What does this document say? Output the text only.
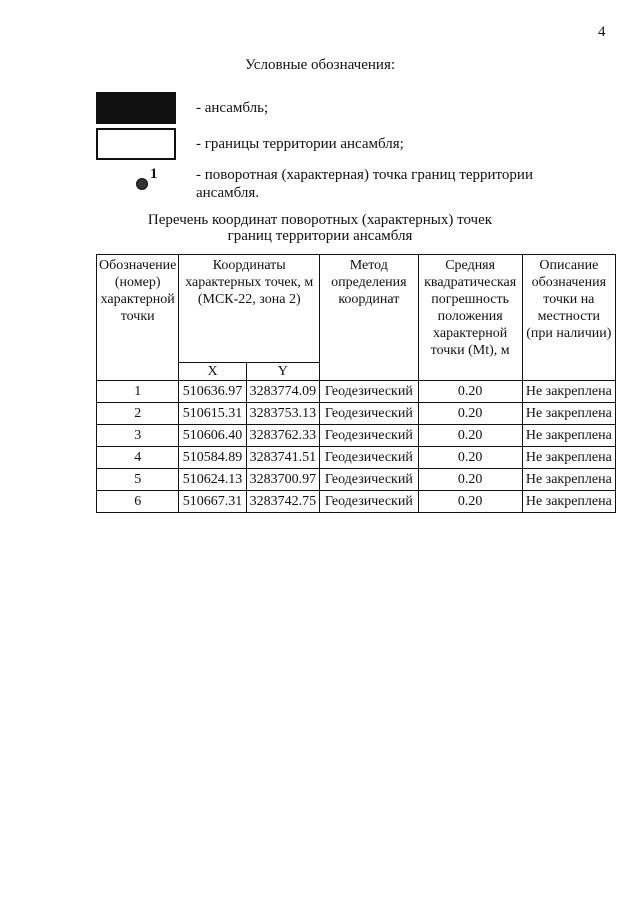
4
Условные обозначения:
- ансамбль;
- границы территории ансамбля;
1	- поворотная (характерная) точка границ территории ансамбля.
Перечень координат поворотных (характерных) точек
границ территории ансамбля
Обозначение (номер) характерной точки	Координаты характерных точек, м (МСК-22, зона 2)		Метод определения координат	Средняя квадратическая погрешность положения характерной точки (Mt), м	Описание обозначения точки на местности (при наличии)
	X	Y			
1	510636.97	3283774.09	Геодезический	0.20	Не закреплена
2	510615.31	3283753.13	Геодезический	0.20	Не закреплена
3	510606.40	3283762.33	Геодезический	0.20	Не закреплена
4	510584.89	3283741.51	Геодезический	0.20	Не закреплена
5	510624.13	3283700.97	Геодезический	0.20	Не закреплена
6	510667.31	3283742.75	Геодезический	0.20	Не закреплена
